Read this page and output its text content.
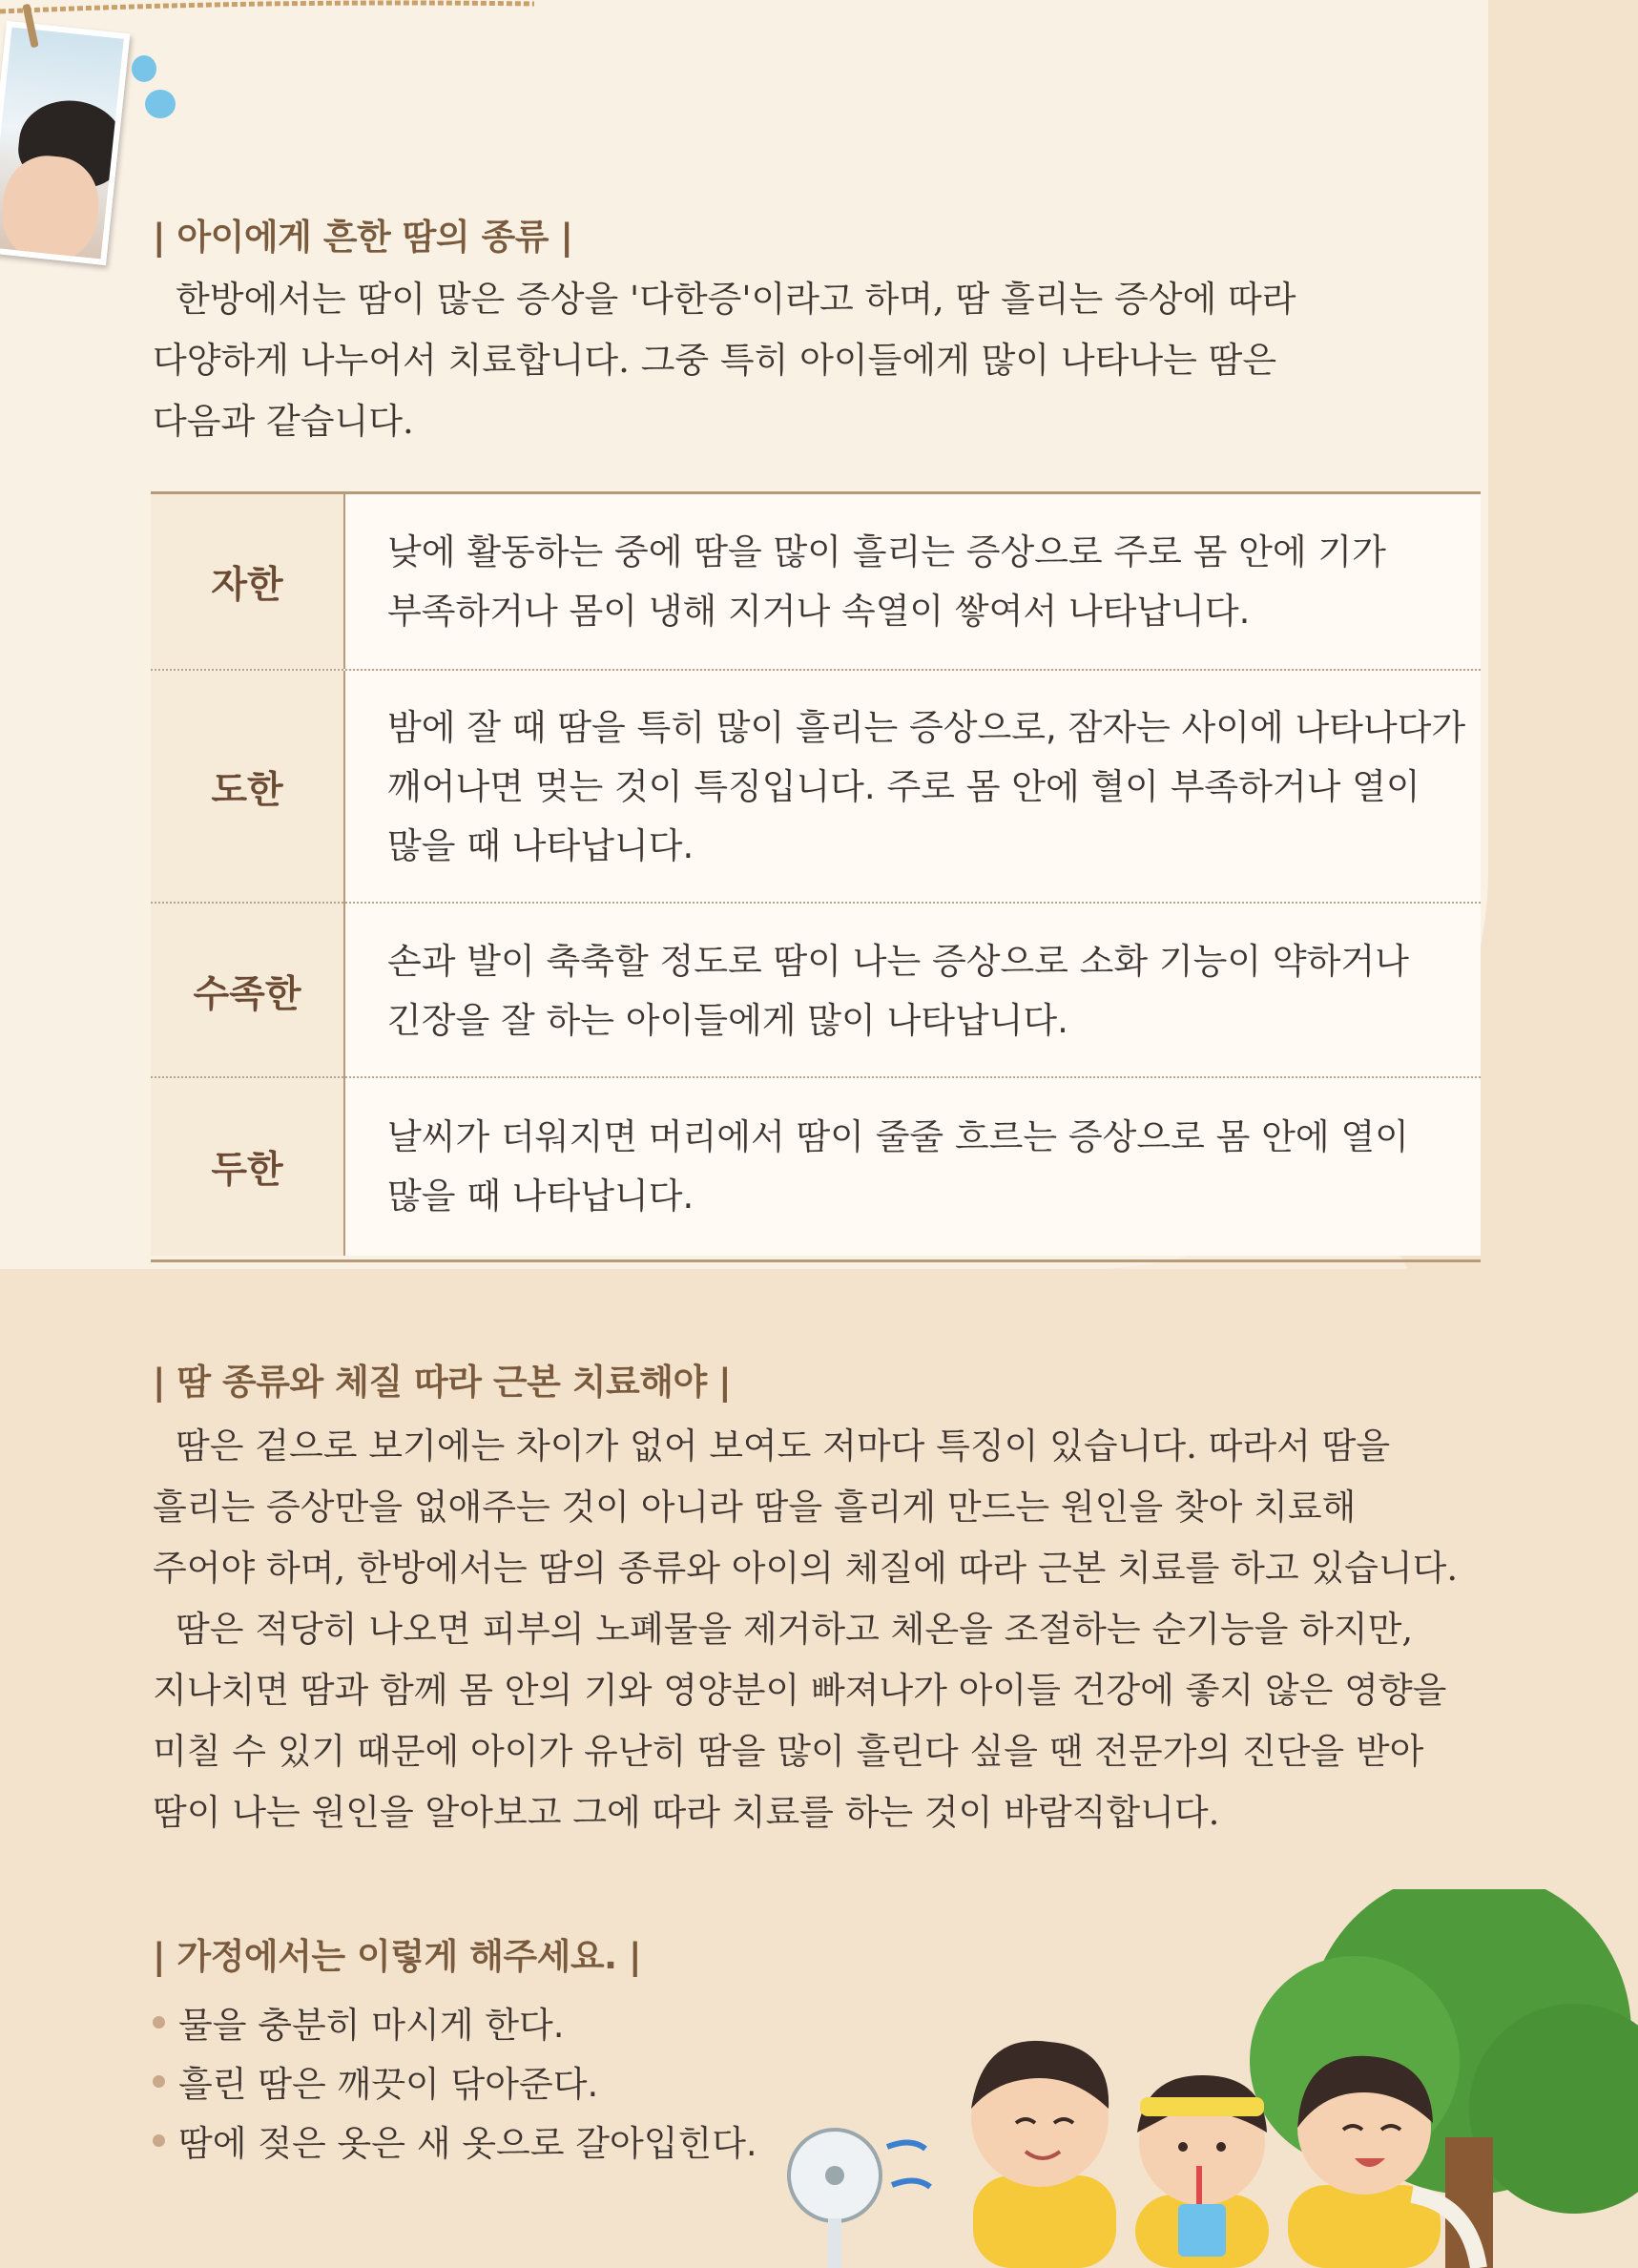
| 아이에게 흔한 땀의 종류 |
한방에서는 땀이 많은 증상을 '다한증'이라고 하며, 땀 흘리는 증상에 따라
다양하게 나누어서 치료합니다. 그중 특히 아이들에게 많이 나타나는 땀은
다음과 같습니다.
자한
낮에 활동하는 중에 땀을 많이 흘리는 증상으로 주로 몸 안에 기가
부족하거나 몸이 냉해 지거나 속열이 쌓여서 나타납니다.
도한
밤에 잘 때 땀을 특히 많이 흘리는 증상으로, 잠자는 사이에 나타나다가
깨어나면 멎는 것이 특징입니다. 주로 몸 안에 혈이 부족하거나 열이
많을 때 나타납니다.
수족한
손과 발이 축축할 정도로 땀이 나는 증상으로 소화 기능이 약하거나
긴장을 잘 하는 아이들에게 많이 나타납니다.
두한
날씨가 더워지면 머리에서 땀이 줄줄 흐르는 증상으로 몸 안에 열이
많을 때 나타납니다.
| 땀 종류와 체질 따라 근본 치료해야 |
땀은 겉으로 보기에는 차이가 없어 보여도 저마다 특징이 있습니다. 따라서 땀을
흘리는 증상만을 없애주는 것이 아니라 땀을 흘리게 만드는 원인을 찾아 치료해
주어야 하며, 한방에서는 땀의 종류와 아이의 체질에 따라 근본 치료를 하고 있습니다.
땀은 적당히 나오면 피부의 노폐물을 제거하고 체온을 조절하는 순기능을 하지만,
지나치면 땀과 함께 몸 안의 기와 영양분이 빠져나가 아이들 건강에 좋지 않은 영향을
미칠 수 있기 때문에 아이가 유난히 땀을 많이 흘린다 싶을 땐 전문가의 진단을 받아
땀이 나는 원인을 알아보고 그에 따라 치료를 하는 것이 바람직합니다.
| 가정에서는 이렇게 해주세요. |
물을 충분히 마시게 한다.
흘린 땀은 깨끗이 닦아준다.
땀에 젖은 옷은 새 옷으로 갈아입힌다.
